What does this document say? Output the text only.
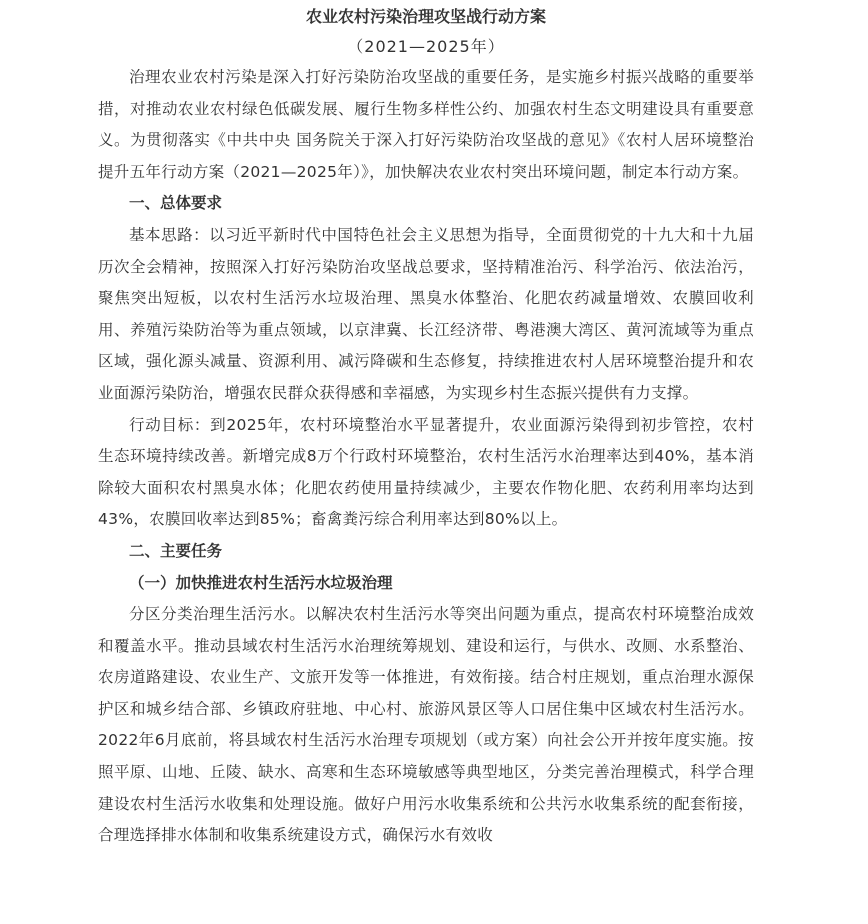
农业农村污染治理攻坚战行动方案
（2021—2025年）

治理农业农村污染是深入打好污染防治攻坚战的重要任务，是实施乡村振兴战略的重要举措，对推动农业农村绿色低碳发展、履行生物多样性公约、加强农村生态文明建设具有重要意义。为贯彻落实《中共中央 国务院关于深入打好污染防治攻坚战的意见》《农村人居环境整治提升五年行动方案（2021—2025年）》，加快解决农业农村突出环境问题，制定本行动方案。

一、总体要求

基本思路：以习近平新时代中国特色社会主义思想为指导，全面贯彻党的十九大和十九届历次全会精神，按照深入打好污染防治攻坚战总要求，坚持精准治污、科学治污、依法治污，聚焦突出短板，以农村生活污水垃圾治理、黑臭水体整治、化肥农药减量增效、农膜回收利用、养殖污染防治等为重点领域，以京津冀、长江经济带、粤港澳大湾区、黄河流域等为重点区域，强化源头减量、资源利用、减污降碳和生态修复，持续推进农村人居环境整治提升和农业面源污染防治，增强农民群众获得感和幸福感，为实现乡村生态振兴提供有力支撑。

行动目标：到2025年，农村环境整治水平显著提升，农业面源污染得到初步管控，农村生态环境持续改善。新增完成8万个行政村环境整治，农村生活污水治理率达到40%，基本消除较大面积农村黑臭水体；化肥农药使用量持续减少，主要农作物化肥、农药利用率均达到43%，农膜回收率达到85%；畜禽粪污综合利用率达到80%以上。

二、主要任务
（一）加快推进农村生活污水垃圾治理

分区分类治理生活污水。以解决农村生活污水等突出问题为重点，提高农村环境整治成效和覆盖水平。推动县域农村生活污水治理统筹规划、建设和运行，与供水、改厕、水系整治、农房道路建设、农业生产、文旅开发等一体推进，有效衔接。结合村庄规划，重点治理水源保护区和城乡结合部、乡镇政府驻地、中心村、旅游风景区等人口居住集中区域农村生活污水。2022年6月底前，将县域农村生活污水治理专项规划（或方案）向社会公开并按年度实施。按照平原、山地、丘陵、缺水、高寒和生态环境敏感等典型地区，分类完善治理模式，科学合理建设农村生活污水收集和处理设施。做好户用污水收集系统和公共污水收集系统的配套衔接，合理选择排水体制和收集系统建设方式，确保污水有效收
